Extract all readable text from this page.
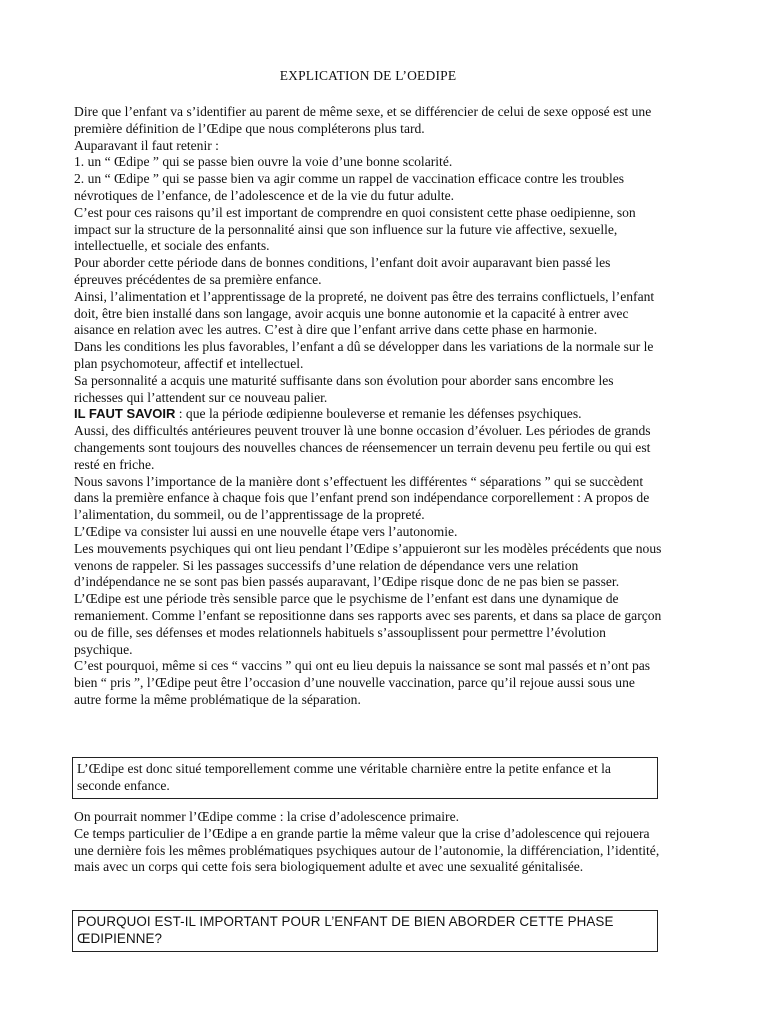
EXPLICATION DE L’OEDIPE

Dire que l’enfant va s’identifier au parent de même sexe, et se différencier de celui de sexe opposé est une première définition de l’Œdipe que nous compléterons plus tard.

Auparavant il faut retenir :

1. un “ Œdipe ” qui se passe bien ouvre la voie d’une bonne scolarité.

2. un “ Œdipe ” qui se passe bien va agir comme un rappel de vaccination efficace contre les troubles névrotiques de l’enfance, de l’adolescence et de la vie du futur adulte.

C’est pour ces raisons qu’il est important de comprendre en quoi consistent cette phase oedipienne, son impact sur la structure de la personnalité ainsi que son influence sur la future vie affective, sexuelle, intellectuelle, et sociale des enfants.

Pour aborder cette période dans de bonnes conditions, l’enfant doit avoir auparavant bien passé les épreuves précédentes de sa première enfance.

Ainsi, l’alimentation et l’apprentissage de la propreté, ne doivent pas être des terrains conflictuels, l’enfant doit, être bien installé dans son langage, avoir acquis une bonne autonomie et la capacité à entrer avec aisance en relation avec les autres. C’est à dire que l’enfant arrive dans cette phase en harmonie.

Dans les conditions les plus favorables, l’enfant a dû se développer dans les variations de la normale sur le plan psychomoteur, affectif et intellectuel.

Sa personnalité a acquis une maturité suffisante dans son évolution pour aborder sans encombre les richesses qui l’attendent sur ce nouveau palier.

IL FAUT SAVOIR : que la période œdipienne bouleverse et remanie les défenses psychiques.

Aussi, des difficultés antérieures peuvent trouver là une bonne occasion d’évoluer. Les périodes de grands changements sont toujours des nouvelles chances de réensemencer un terrain devenu peu fertile ou qui est resté en friche.

Nous savons l’importance de la manière dont s’effectuent les différentes “ séparations ” qui se succèdent dans la première enfance à chaque fois que l’enfant prend son indépendance corporellement : A propos de l’alimentation, du sommeil, ou de l’apprentissage de la propreté.

L’Œdipe va consister lui aussi en une nouvelle étape vers l’autonomie.

Les mouvements psychiques qui ont lieu pendant l’Œdipe s’appuieront sur les modèles précédents que nous venons de rappeler. Si les passages successifs d’une relation de dépendance vers une relation d’indépendance ne se sont pas bien passés auparavant, l’Œdipe risque donc de ne pas bien se passer.

L’Œdipe est une période très sensible parce que le psychisme de l’enfant est dans une dynamique de remaniement. Comme l’enfant se repositionne dans ses rapports avec ses parents, et dans sa place de garçon ou de fille, ses défenses et modes relationnels habituels s’assouplissent pour permettre l’évolution psychique.

C’est pourquoi, même si ces “ vaccins ” qui ont eu lieu depuis la naissance se sont mal passés et n’ont pas bien “ pris ”, l’Œdipe peut être l’occasion d’une nouvelle vaccination, parce qu’il rejoue aussi sous une autre forme la même problématique de la séparation.

L’Œdipe est donc situé temporellement comme une véritable charnière entre la petite enfance et la seconde enfance.

On pourrait nommer l’Œdipe comme : la crise d’adolescence primaire.

Ce temps particulier de l’Œdipe a en grande partie la même valeur que la crise d’adolescence qui rejouera une dernière fois les mêmes problématiques psychiques autour de l’autonomie, la différenciation, l’identité, mais avec un corps qui cette fois sera biologiquement adulte et avec une sexualité génitalisée.

POURQUOI EST-IL IMPORTANT POUR L’ENFANT DE BIEN ABORDER CETTE PHASE ŒDIPIENNE?
